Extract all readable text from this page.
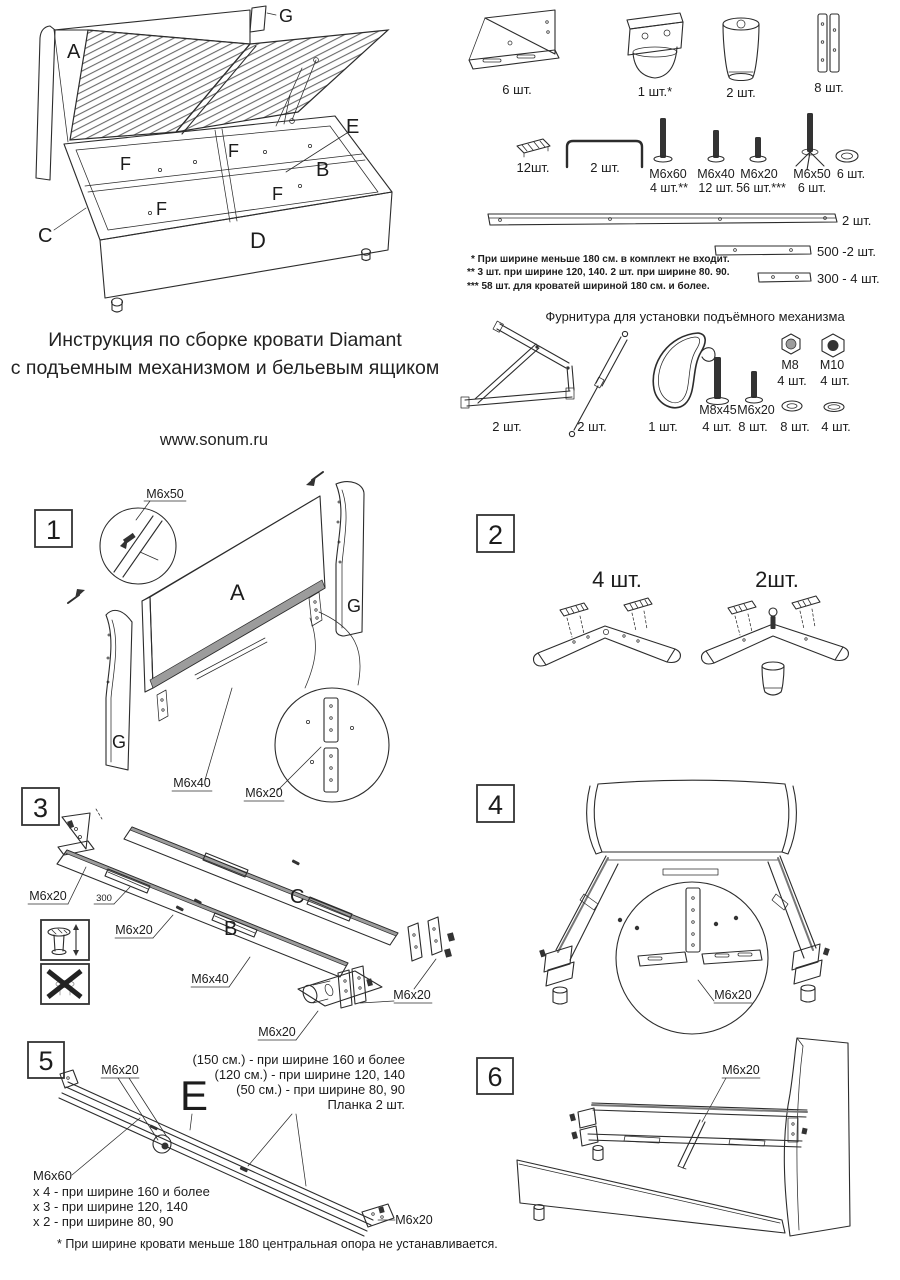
A
G
E
B
C	D
F
F
F
F
6 шт.	1 шт.*	2 шт.	8 шт.
12шт.	2 шт. M6x60
4 шт.**
M6x40
12 шт.
M6x20
56 шт.***
M6x50
6 шт.
6 шт.
2 шт.
500 -2 шт.
300 - 4 шт.
* При ширине меньше 180 см. в комплект не входит.
** 3 шт. при ширине 120, 140. 2 шт. при ширине 80. 90.
*** 58 шт. для кроватей шириной 180 см. и более.
Инструкция по сборке кровати Diamant
с подъемным механизмом и бельевым ящиком
www.sonum.ru
Фурнитура для установки подъёмного механизма
2 шт.	2 шт.	1 шт.
M8x45 M6x20
4 шт. 8 шт.
M8 M10
4 шт. 4 шт.
8 шт. 4 шт.
1
M6x50
A
G
G
M6x40
M6x20
2
4 шт.	2шт.
3
M6x20	300	C
B
M6x20
M6x40
M6x20
M6x20
4
M6x20
5	M6x20
E
(150 см.) - при ширине 160 и более
(120 см.) - при ширине 120, 140
(50 см.) - при ширине 80, 90
Планка 2 шт.
M6x60
x 4 - при ширине 160 и более
x 3 - при ширине 120, 140
x 2 - при ширине 80, 90	M6x20
* При ширине кровати меньше 180 центральная опора не устанавливается.
6	M6x20
